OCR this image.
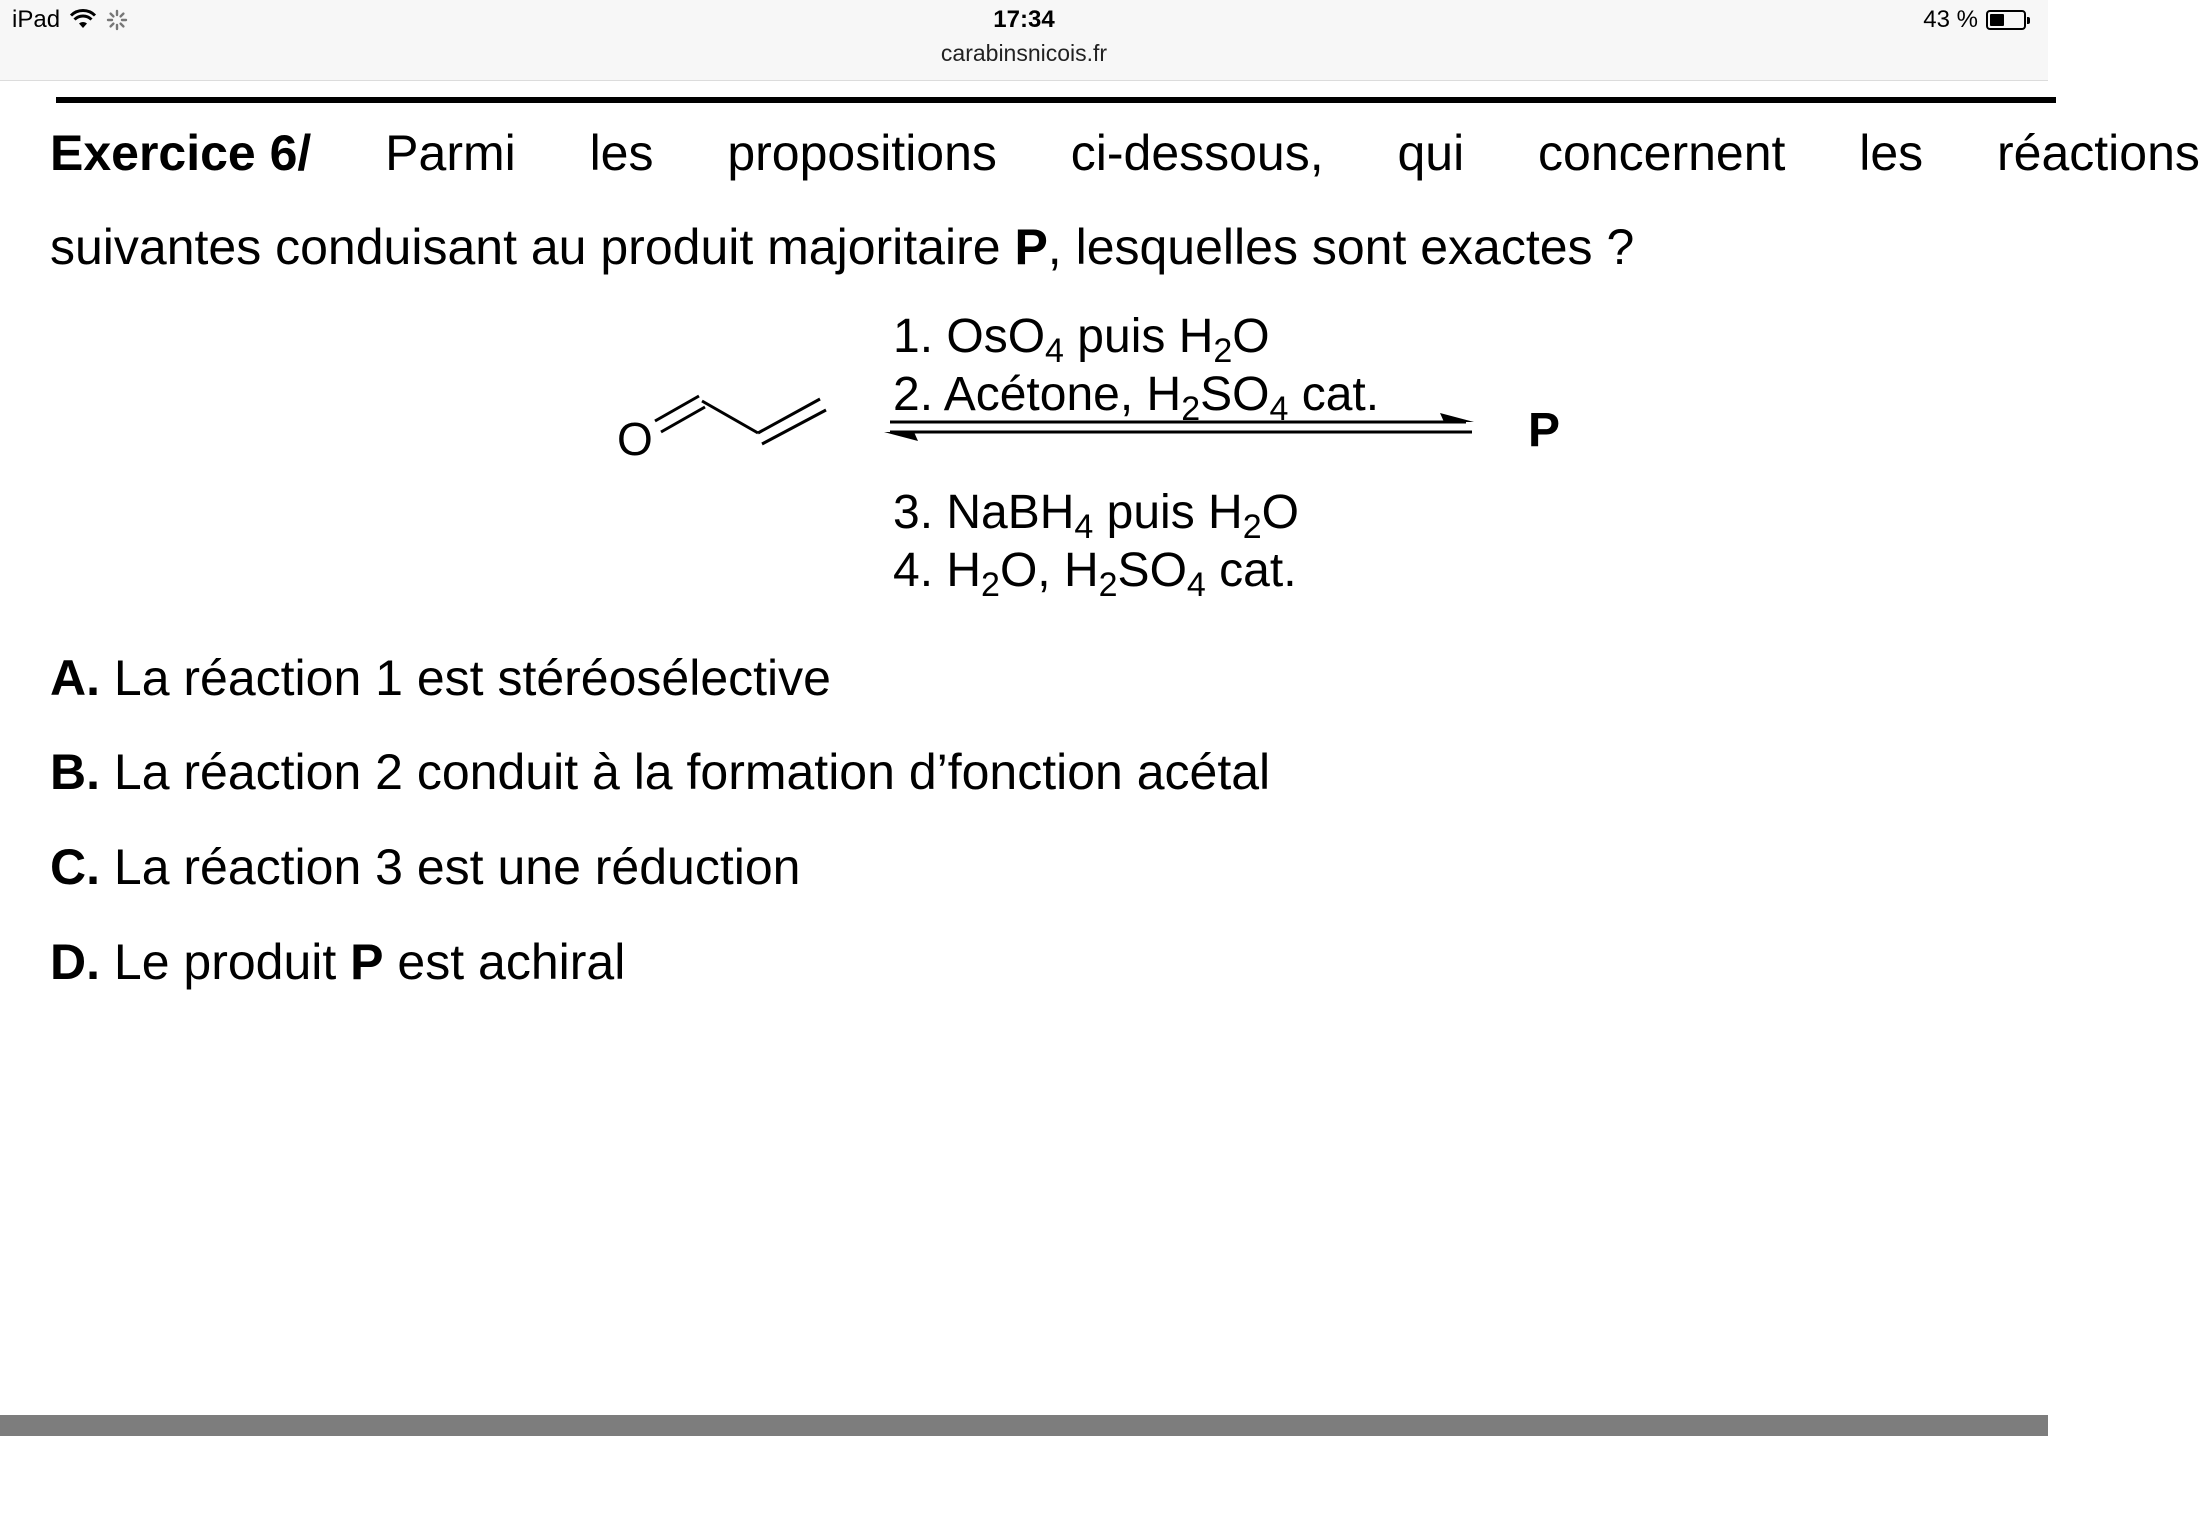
iPad	17:34
carabinsnicois.fr
43 %
Exercice 6/ Parmi les propositions ci-dessous, qui concernent les réactions
suivantes conduisant au produit majoritaire P, lesquelles sont exactes ?
O
1. OsO$_4$ puis $H_2O$
2. Acétone, $H_2SO_4$ cat.
3. NaBH$_4$ puis $H_2O$
4. $H_2O$, $H_2SO_4$ cat.
P
A. La réaction 1 est stéréosélective
B. La réaction 2 conduit à la formation d’fonction acétal
C. La réaction 3 est une réduction
D. Le produit P est achiral
